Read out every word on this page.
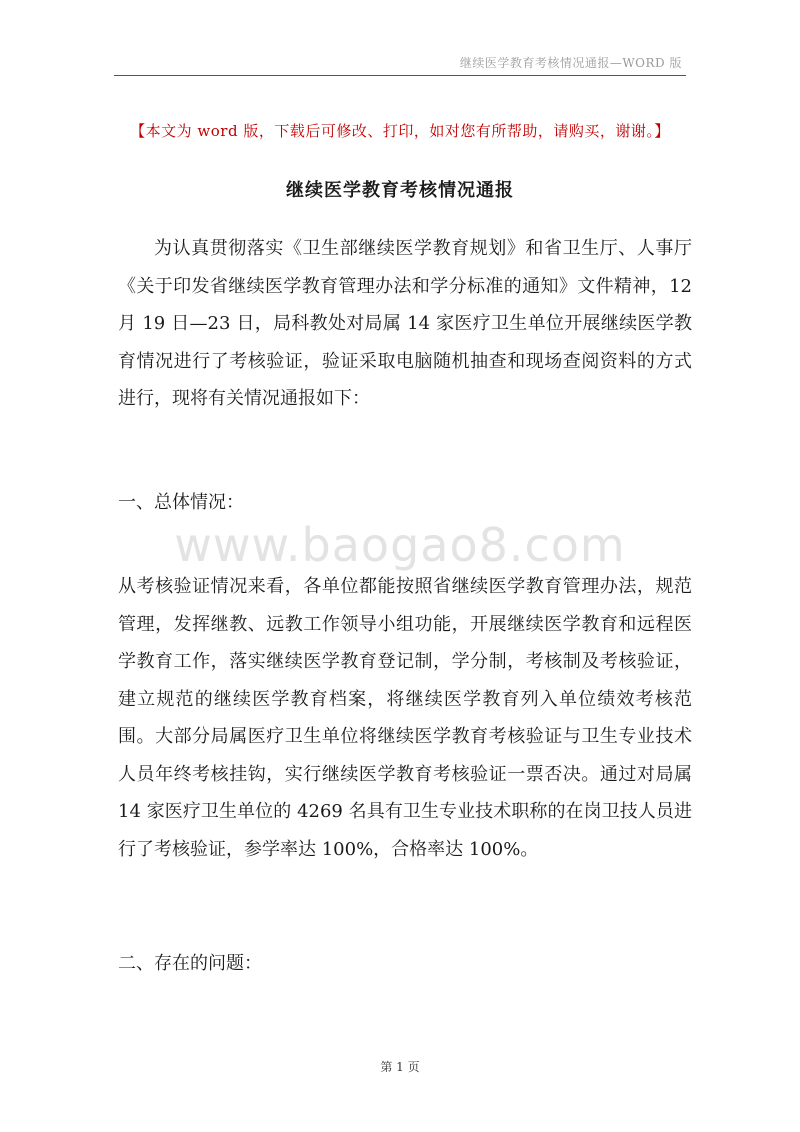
继续医学教育考核情况通报—WORD 版
【本文为 word 版，下载后可修改、打印，如对您有所帮助，请购买，谢谢。】
继续医学教育考核情况通报

为认真贯彻落实《卫生部继续医学教育规划》和省卫生厅、人事厅《关于印发省继续医学教育管理办法和学分标准的通知》文件精神，12 月 19 日—23 日，局科教处对局属 14 家医疗卫生单位开展继续医学教育情况进行了考核验证，验证采取电脑随机抽查和现场查阅资料的方式进行，现将有关情况通报如下：

一、总体情况：

www.baogao8.com

从考核验证情况来看，各单位都能按照省继续医学教育管理办法，规范管理，发挥继教、远教工作领导小组功能，开展继续医学教育和远程医学教育工作，落实继续医学教育登记制，学分制，考核制及考核验证，建立规范的继续医学教育档案，将继续医学教育列入单位绩效考核范围。大部分局属医疗卫生单位将继续医学教育考核验证与卫生专业技术人员年终考核挂钩，实行继续医学教育考核验证一票否决。通过对局属 14 家医疗卫生单位的 4269 名具有卫生专业技术职称的在岗卫技人员进行了考核验证，参学率达 100%，合格率达 100%。

二、存在的问题：

第 1 页
